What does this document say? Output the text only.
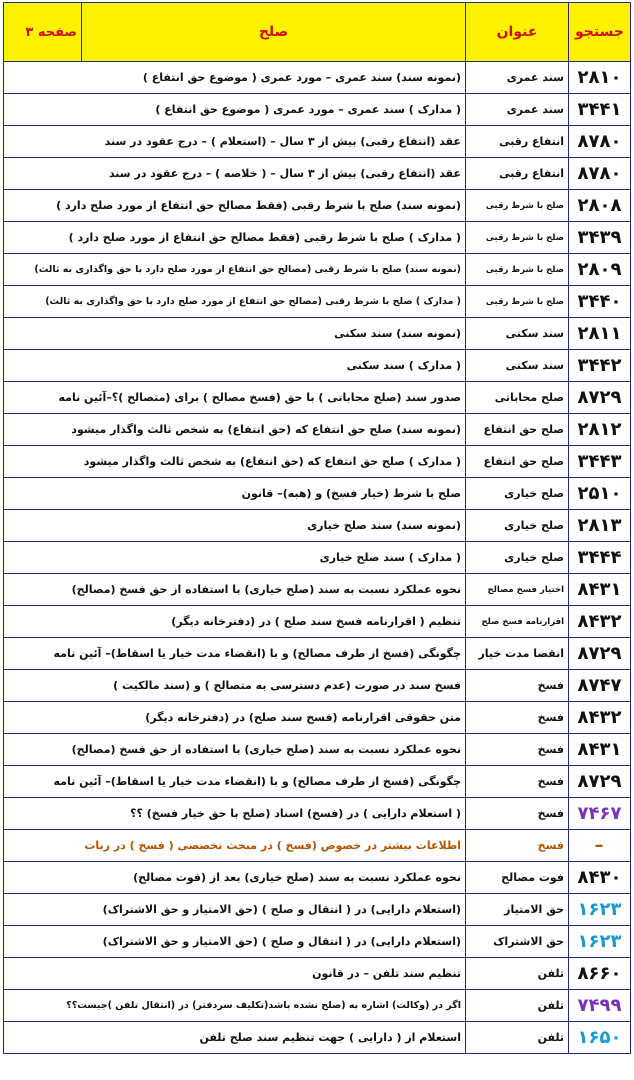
جستجو	عنوان	صلح	صفحه ۳
۲۸۱۰	سند عمری	(نمونه سند) سند عمری – مورد عمری ( موضوع حق انتفاع )	
۳۴۴۱	سند عمری	( مدارک ) سند عمری – مورد عمری ( موضوع حق انتفاع )	
۸۷۸۰	انتفاع رقبی	عقد (انتفاع رقبی) بیش از ۳ سال – (استعلام ) – درج عقود در سند	
۸۷۸۰	انتفاع رقبی	عقد (انتفاع رقبی) بیش از ۳ سال – ( خلاصه ) – درج عقود در سند	
۲۸۰۸	صلح با شرط رقبی	(نمونه سند) صلح با شرط رقبی (فقط مصالح حق انتفاع از مورد صلح دارد )	
۳۴۳۹	صلح با شرط رقبی	( مدارک ) صلح با شرط رقبی (فقط مصالح حق انتفاع از مورد صلح دارد )	
۲۸۰۹	صلح با شرط رقبی	(نمونه سند) صلح با شرط رقبی (مصالح حق انتفاع از مورد صلح دارد با حق واگذاری به ثالث)	
۳۴۴۰	صلح با شرط رقبی	( مدارک ) صلح با شرط رقبی (مصالح حق انتفاع از مورد صلح دارد با حق واگذاری به ثالث)	
۲۸۱۱	سند سکنی	(نمونه سند) سند سکنی	
۳۴۴۲	سند سکنی	( مدارک ) سند سکنی	
۸۷۲۹	صلح محاباتی	صدور سند (صلح محاباتی ) با حق (فسخ مصالح ) برای (متصالح )؟–آئین نامه	
۲۸۱۲	صلح حق انتفاع	(نمونه سند) صلح حق انتفاع که (حق انتفاع) به شخص ثالث واگذار میشود	
۳۴۴۳	صلح حق انتفاع	( مدارک ) صلح حق انتفاع که (حق انتفاع) به شخص ثالث واگذار میشود	
۲۵۱۰	صلح خیاری	صلح با شرط (خیار فسخ) و (هبه)– قانون	
۲۸۱۳	صلح خیاری	(نمونه سند) سند صلح خیاری	
۳۴۴۴	صلح خیاری	( مدارک ) سند صلح خیاری	
۸۴۳۱	اختیار فسخ مصالح	نحوه عملکرد نسبت به سند (صلح خیاری) با استفاده از حق فسخ (مصالح)	
۸۴۳۲	اقرارنامه فسخ صلح	تنظیم ( اقرارنامه فسخ سند صلح ) در (دفترخانه دیگر)	
۸۷۲۹	انقضا مدت خیار	چگونگی (فسخ از طرف مصالح) و با (انقضاء مدت خیار یا اسقاط)– آئین نامه	
۸۷۴۷	فسخ	فسخ سند در صورت (عدم دسترسی به متصالح ) و (سند مالکیت )	
۸۴۳۲	فسخ	متن حقوقی اقرارنامه (فسخ سند صلح) در (دفترخانه دیگر)	
۸۴۳۱	فسخ	نحوه عملکرد نسبت به سند (صلح خیاری) با استفاده از حق فسخ (مصالح)	
۸۷۲۹	فسخ	چگونگی (فسخ از طرف مصالح) و با (انقضاء مدت خیار یا اسقاط)– آئین نامه	
۷۴۶۷	فسخ	( استعلام دارایی ) در (فسخ) اسناد (صلح با حق خیار فسخ) ؟؟	
–	فسخ	اطلاعات بیشتر در خصوص (فسخ ) در مبحث تخصصی ( فسخ ) در ربات	
۸۴۳۰	فوت مصالح	نحوه عملکرد نسبت به سند (صلح خیاری) بعد از (فوت مصالح)	
۱۶۲۳	حق الامتیاز	(استعلام دارایی) در ( انتقال و صلح ) (حق الامتیاز و حق الاشتراک)	
۱۶۲۳	حق الاشتراک	(استعلام دارایی) در ( انتقال و صلح ) (حق الامتیاز و حق الاشتراک)	
۸۶۶۰	تلفن	تنظیم سند تلفن – در قانون	
۷۴۹۹	تلفن	اگر در (وکالت) اشاره به (صلح نشده باشد(تکلیف سردفتر) در (انتقال تلفن )جیست؟؟	
۱۶۵۰	تلفن	استعلام از ( دارایی ) جهت تنظیم سند صلح تلفن	
